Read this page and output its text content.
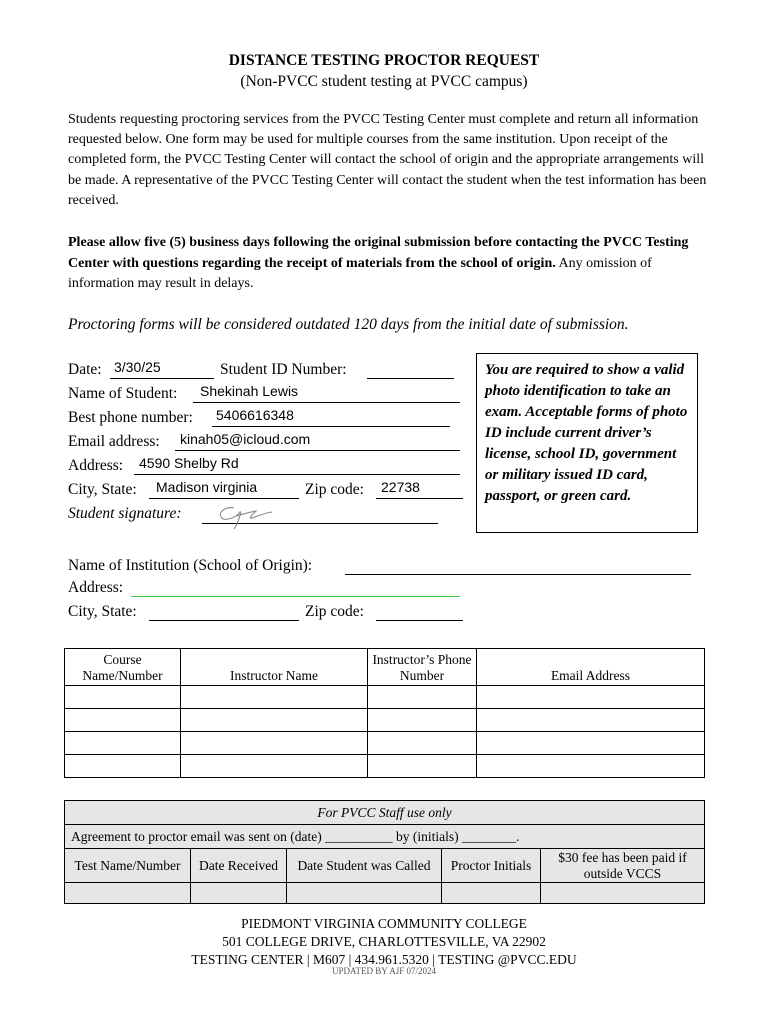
DISTANCE TESTING PROCTOR REQUEST
(Non-PVCC student testing at PVCC campus)
Students requesting proctoring services from the PVCC Testing Center must complete and return all information requested below. One form may be used for multiple courses from the same institution. Upon receipt of the completed form, the PVCC Testing Center will contact the school of origin and the appropriate arrangements will be made. A representative of the PVCC Testing Center will contact the student when the test information has been received.
Please allow five (5) business days following the original submission before contacting the PVCC Testing Center with questions regarding the receipt of materials from the school of origin. Any omission of information may result in delays.
Proctoring forms will be considered outdated 120 days from the initial date of submission.
Date: 3/30/25	Student ID Number:
Name of Student: Shekinah Lewis
Best phone number: 5406616348
Email address: kinah05@icloud.com
Address: 4590 Shelby Rd
City, State: Madison virginia	Zip code: 22738
Student signature:
You are required to show a valid photo identification to take an exam. Acceptable forms of photo ID include current driver’s license, school ID, government or military issued ID card, passport, or green card.
Name of Institution (School of Origin):
Address:
City, State:	Zip code:
Course Name/Number	Instructor Name	Instructor’s Phone Number	Email Address

For PVCC Staff use only				
Agreement to proctor email was sent on (date) __________ by (initials) ________.				
Test Name/Number	Date Received	Date Student was Called	Proctor Initials	$30 fee has been paid if outside VCCS

PIEDMONT VIRGINIA COMMUNITY COLLEGE
501 COLLEGE DRIVE, CHARLOTTESVILLE, VA 22902
TESTING CENTER | M607 | 434.961.5320 | TESTING @PVCC.EDU
UPDATED BY AJF 07/2024
